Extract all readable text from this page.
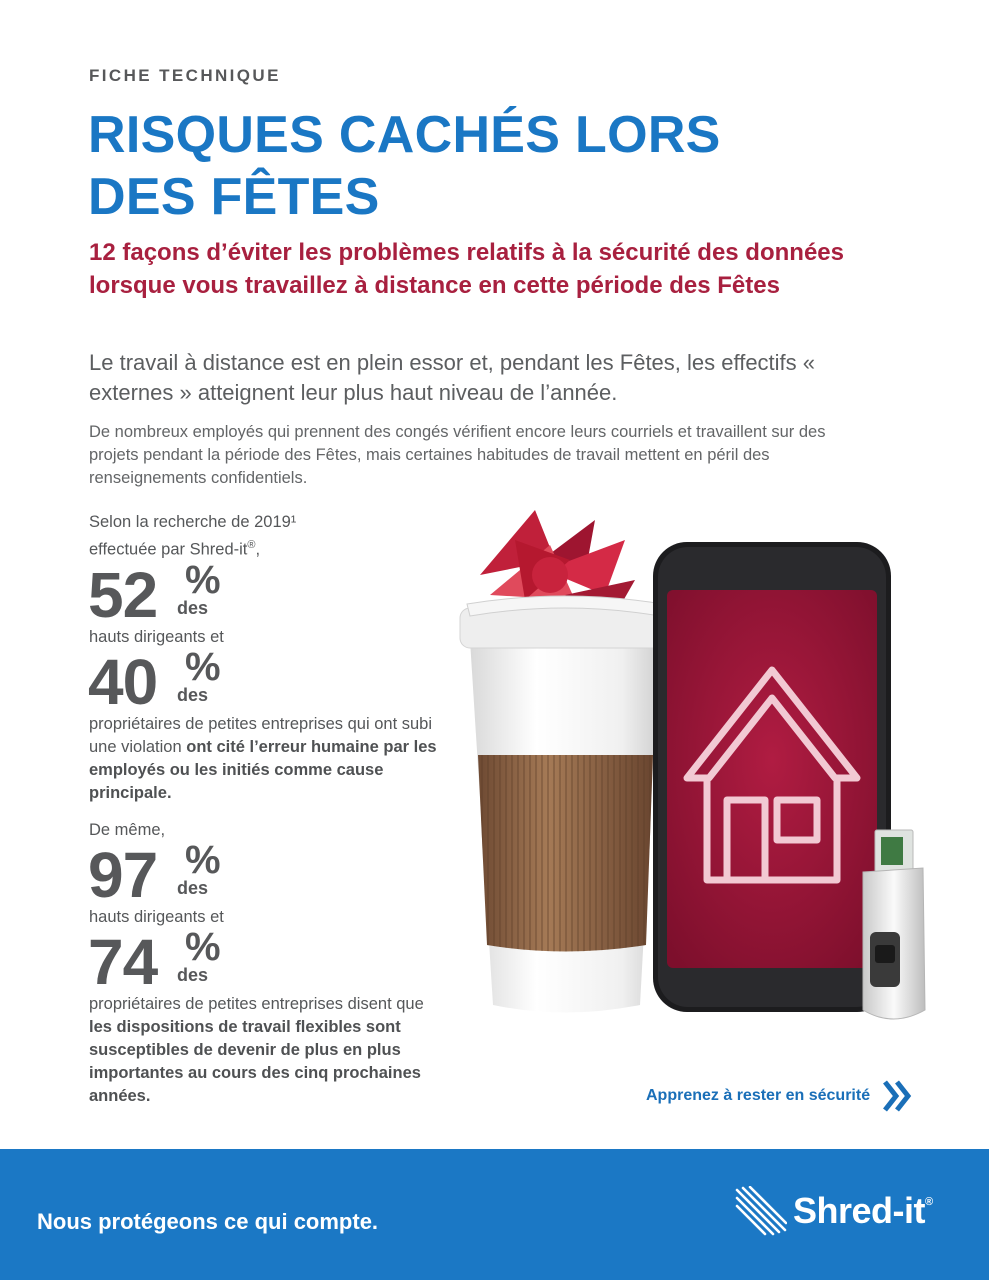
FICHE TECHNIQUE
RISQUES CACHÉS LORS
DES FÊTES
12 façons d’éviter les problèmes relatifs à la sécurité des données lorsque vous travaillez à distance en cette période des Fêtes
Le travail à distance est en plein essor et, pendant les Fêtes, les effectifs « externes » atteignent leur plus haut niveau de l’année.
De nombreux employés qui prennent des congés vérifient encore leurs courriels et travaillent sur des projets pendant la période des Fêtes, mais certaines habitudes de travail mettent en péril des renseignements confidentiels.

Selon la recherche de 2019¹
effectuée par Shred-it®,

52 %
des

hauts dirigeants et

40 %
des

propriétaires de petites entreprises qui ont subi une violation ont cité l’erreur humaine par les employés ou les initiés comme cause principale.

De même,

97 %
des

hauts dirigeants et

74 %
des

propriétaires de petites entreprises disent que les dispositions de travail flexibles sont susceptibles de devenir de plus en plus importantes au cours des cinq prochaines années.	Apprenez à rester en sécurité
Nous protégeons ce qui compte.	Shred-it®
